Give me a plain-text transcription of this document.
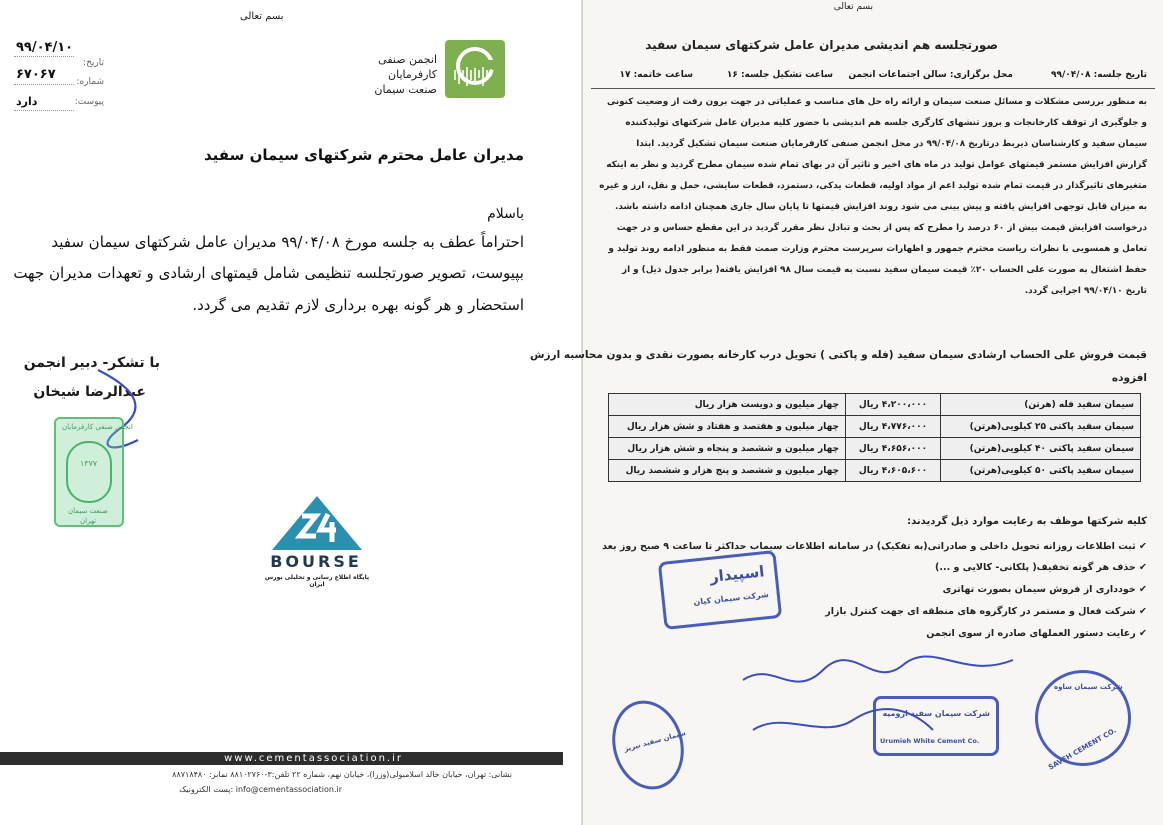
بسم تعالی
۹۹/۰۴/۱۰
تاریخ:
۶۷۰۶۷ شماره:
دارد	پیوست:
انجمن صنفی
کارفرمایان
صنعت سیمان
مدیران عامل محترم شرکتهای سیمان سفید
باسلام
احتراماً عطف به جلسه مورخ ۹۹/۰۴/۰۸ مدیران عامل شرکتهای سیمان سفید
بپیوست، تصویر صورتجلسه تنظیمی شامل قیمتهای ارشادی و تعهدات مدیران جهت
استحضار و هر گونه بهره برداری لازم تقدیم می گردد.
با تشکر- دبیر انجمن
عبدالرضا شیخان
انجمن صنفی کارفرمایان
۱۳۷۷
صنعت سیمان
تهران
BOURSE
پایگاه اطلاع رسانی و تحلیلی بورس ایران
www.cementassociation.ir
نشانی: تهران، خیابان خالد اسلامبولی(وزرا)، خیابان نهم، شماره ۲۲ تلفن:۳-۸۸۱۰۲۷۶۰ نمابر: ۸۸۷۱۸۴۸۰
info@cementassociation.ir :پست الکترونیک
بسم تعالی
صورتجلسه هم اندیشی مدیران عامل شرکتهای سیمان سفید
تاریخ جلسه: ۹۹/۰۴/۰۸
محل برگزاری: سالن اجتماعات انجمن
ساعت تشکیل جلسه: ۱۶
ساعت خاتمه: ۱۷
به منظور بررسی مشکلات و مسائل صنعت سیمان و ارائه راه حل های مناسب و عملیاتی در جهت برون رفت از وضعیت کنونی
و جلوگیری از توقف کارخانجات و بروز تنشهای کارگری جلسه هم اندیشی با حضور کلیه مدیران عامل شرکتهای تولیدکننده
سیمان سفید و کارشناسان ذیربط درتاریخ ۹۹/۰۴/۰۸ در محل انجمن صنفی کارفرمایان صنعت سیمان تشکیل گردید. ابتدا
گزارش افزایش مستمر قیمتهای عوامل تولید در ماه های اخیر و تاثیر آن در بهای تمام شده سیمان مطرح گردید و نظر به اینکه
متغیرهای تاثیرگذار در قیمت تمام شده تولید اعم از مواد اولیه، قطعات یدکی، دستمزد، قطعات سایشی، حمل و نقل، ارز و غیره
به میزان قابل توجهی افزایش یافته و پیش بینی می شود روند افزایش قیمتها تا پایان سال جاری همچنان ادامه داشته باشد.
درخواست افزایش قیمت بیش از ۶۰ درصد را مطرح که پس از بحث و تبادل نظر مقرر گردید در این مقطع حساس و در جهت
تعامل و همسویی با نظرات ریاست محترم جمهور و اظهارات سرپرست محترم وزارت صمت فقط به منظور ادامه روند تولید و
حفظ اشتغال به صورت علی الحساب ۲۰٪ قیمت سیمان سفید نسبت به قیمت سال ۹۸ افزایش یافته( برابر جدول ذیل) و از
تاریخ ۹۹/۰۴/۱۰ اجرایی گردد.
قیمت فروش علی الحساب ارشادی سیمان سفید (فله و پاکتی ) تحویل درب کارخانه بصورت نقدی و بدون محاسبه ارزش
افزوده
کلیه شرکتها موظف به رعایت موارد ذیل گردیدند:
✔ ثبت اطلاعات روزانه تحویل داخلی و صادراتی(به تفکیک) در سامانه اطلاعات سیماب حداکثر تا ساعت ۹ صبح روز بعد
✔ حذف هر گونه تخفیف( پلکانی- کالایی و ...)
✔ خودداری از فروش سیمان بصورت تهاتری
✔ شرکت فعال و مستمر در کارگروه های منطقه ای جهت کنترل بازار
✔ رعایت دستور العملهای صادره از سوی انجمن
اسپیدار
شرکت سیمان کیان
SAVEH CEMENT CO.
شرکت سیمان ساوه
شرکت سیمان سفید ارومیه
Urumieh White Cement Co.
سیمان سفید نیریز
چهار میلیون و دویست هزار ریال	۴،۲۰۰،۰۰۰ ریال	سیمان سفید فله (هرتن)
چهار میلیون و هفتصد و هفتاد و شش هزار ریال	۴،۷۷۶،۰۰۰ ریال	سیمان سفید پاکتی ۲۵ کیلویی(هرتن)
چهار میلیون و ششصد و پنجاه و شش هزار ریال	۴،۶۵۶،۰۰۰ ریال	سیمان سفید پاکتی ۴۰ کیلویی(هرتن)
چهار میلیون و ششصد و پنج هزار و ششصد ریال	۴،۶۰۵،۶۰۰ ریال	سیمان سفید پاکتی ۵۰ کیلویی(هرتن)
